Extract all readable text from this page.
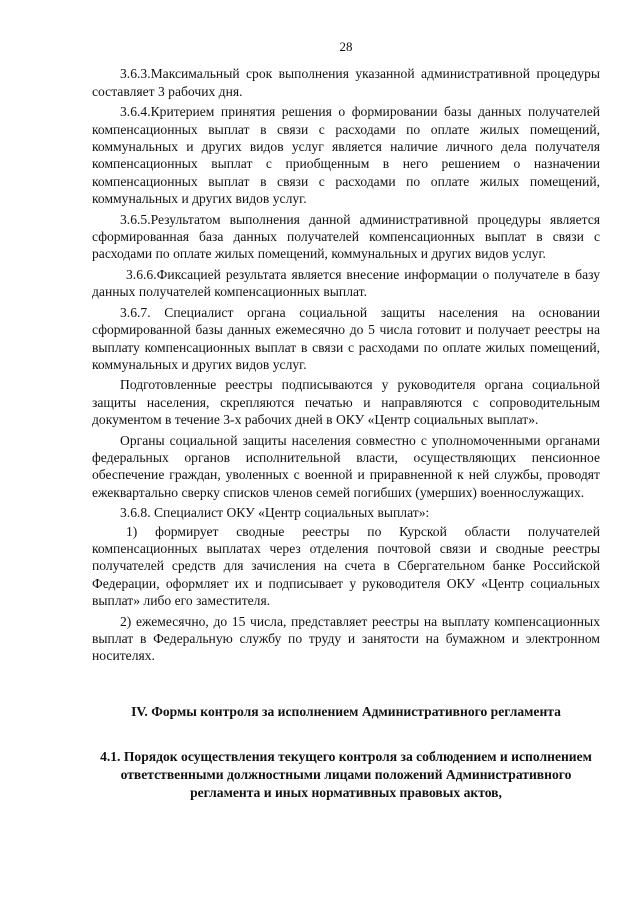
28

3.6.3.Максимальный срок выполнения указанной административной процедуры составляет 3 рабочих дня.

3.6.4.Критерием принятия решения о формировании базы данных получателей компенсационных выплат в связи с расходами по оплате жилых помещений, коммунальных и других видов услуг является наличие личного дела получателя компенсационных выплат с приобщенным в него решением о назначении компенсационных выплат в связи с расходами по оплате жилых помещений, коммунальных и других видов услуг.

3.6.5.Результатом выполнения данной административной процедуры является сформированная база данных получателей компенсационных выплат в связи с расходами по оплате жилых помещений, коммунальных и других видов услуг.

3.6.6.Фиксацией результата является внесение информации о получателе в базу данных получателей компенсационных выплат.

3.6.7. Специалист органа социальной защиты населения на основании сформированной базы данных ежемесячно до 5 числа готовит и получает реестры на выплату компенсационных выплат в связи с расходами по оплате жилых помещений, коммунальных и других видов услуг.

Подготовленные реестры подписываются у руководителя органа социальной защиты населения, скрепляются печатью и направляются с сопроводительным документом в течение 3-х рабочих дней в ОКУ «Центр социальных выплат».

Органы социальной защиты населения совместно с уполномоченными органами федеральных органов исполнительной власти, осуществляющих пенсионное обеспечение граждан, уволенных с военной и приравненной к ней службы, проводят ежеквартально сверку списков членов семей погибших (умерших) военнослужащих.

3.6.8. Специалист ОКУ «Центр социальных выплат»:

1) формирует сводные реестры по Курской области получателей компенсационных выплатах через отделения почтовой связи и сводные реестры получателей средств для зачисления на счета в Сбергательном банке Российской Федерации, оформляет их и подписывает у руководителя ОКУ «Центр социальных выплат» либо его заместителя.

2) ежемесячно, до 15 числа, представляет реестры на выплату компенсационных выплат в Федеральную службу по труду и занятости на бумажном и электронном носителях.

IV. Формы контроля за исполнением Административного регламента
4.1. Порядок осуществления текущего контроля за соблюдением и исполнением ответственными должностными лицами положений Административного регламента и иных нормативных правовых актов,
